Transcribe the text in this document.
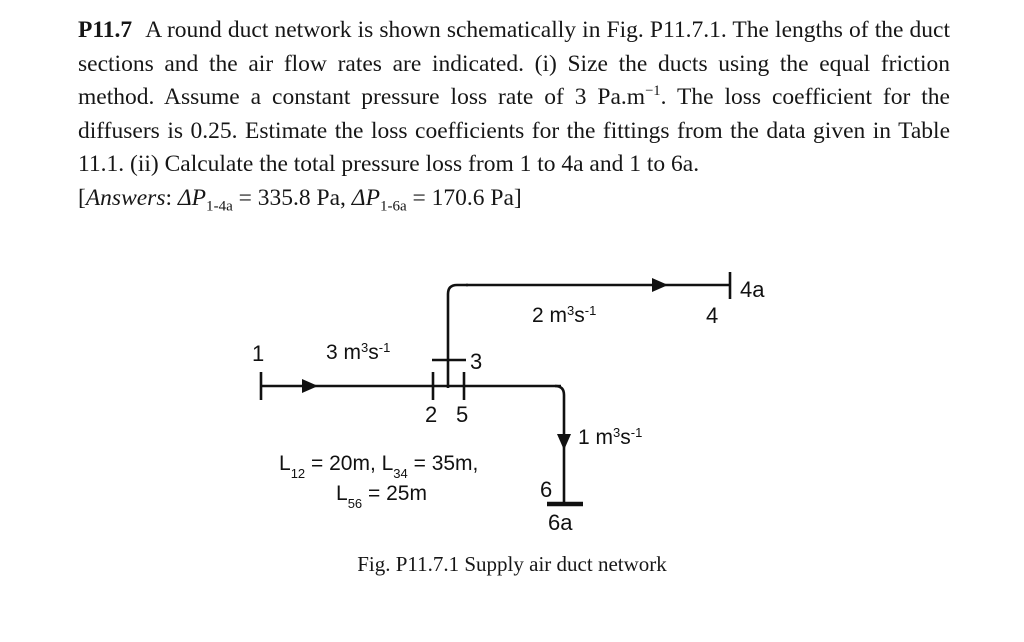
P11.7 A round duct network is shown schematically in Fig. P11.7.1. The lengths of the duct sections and the air flow rates are indicated. (i) Size the ducts using the equal friction method. Assume a constant pressure loss rate of 3 $Pa.m^{-1}$. The loss coefficient for the diffusers is 0.25. Estimate the loss coefficients for the fittings from the data given in Table 11.1. (ii) Calculate the total pressure loss from 1 to 4a and 1 to 6a.

[Answers: $\Delta P_{1-4a} = 335.8$ Pa, $\Delta P_{1-6a} = 170.6$ Pa]

1
2
3
4
4a
5
6
6a
3 $m^3s^{-1}$
2 $m^3s^{-1}$
1 $m^3s^{-1}$
$L_{12} = 20m$, $L_{34} = 35m$,
$L_{56} = 25m$
Fig. P11.7.1 Supply air duct network
